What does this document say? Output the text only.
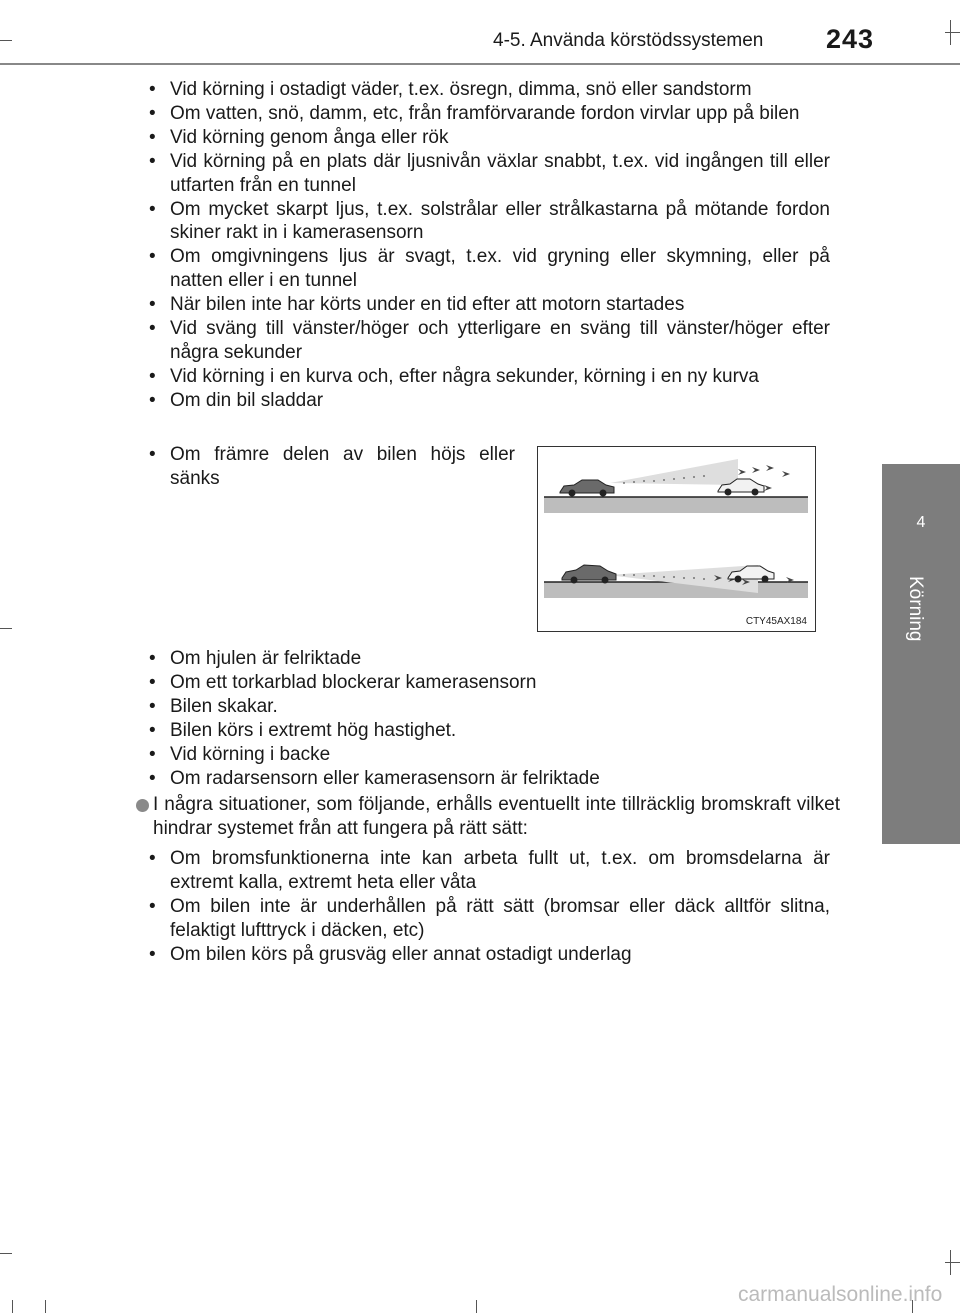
4-5. Använda körstödssystemen 243
4
Körning
• Vid körning i ostadigt väder, t.ex. ösregn, dimma, snö eller sandstorm
• Om vatten, snö, damm, etc, från framförvarande fordon virvlar upp på bilen
• Vid körning genom ånga eller rök
• Vid körning på en plats där ljusnivån växlar snabbt, t.ex. vid ingången till eller utfarten från en tunnel
• Om mycket skarpt ljus, t.ex. solstrålar eller strålkastarna på mötande fordon skiner rakt in i kamerasensorn
• Om omgivningens ljus är svagt, t.ex. vid gryning eller skymning, eller på natten eller i en tunnel
• När bilen inte har körts under en tid efter att motorn startades
• Vid sväng till vänster/höger och ytterligare en sväng till vänster/höger efter några sekunder
• Vid körning i en kurva och, efter några sekunder, körning i en ny kurva
• Om din bil sladdar
• Om främre delen av bilen höjs eller sänks
CTY45AX184
• Om hjulen är felriktade
• Om ett torkarblad blockerar kamerasensorn
• Bilen skakar.
• Bilen körs i extremt hög hastighet.
• Vid körning i backe
• Om radarsensorn eller kamerasensorn är felriktade
I några situationer, som följande, erhålls eventuellt inte tillräcklig bromskraft vilket hindrar systemet från att fungera på rätt sätt:
• Om bromsfunktionerna inte kan arbeta fullt ut, t.ex. om bromsdelarna är extremt kalla, extremt heta eller våta
• Om bilen inte är underhållen på rätt sätt (bromsar eller däck alltför slitna, felaktigt lufttryck i däcken, etc)
• Om bilen körs på grusväg eller annat ostadigt underlag
carmanualsonline.info
